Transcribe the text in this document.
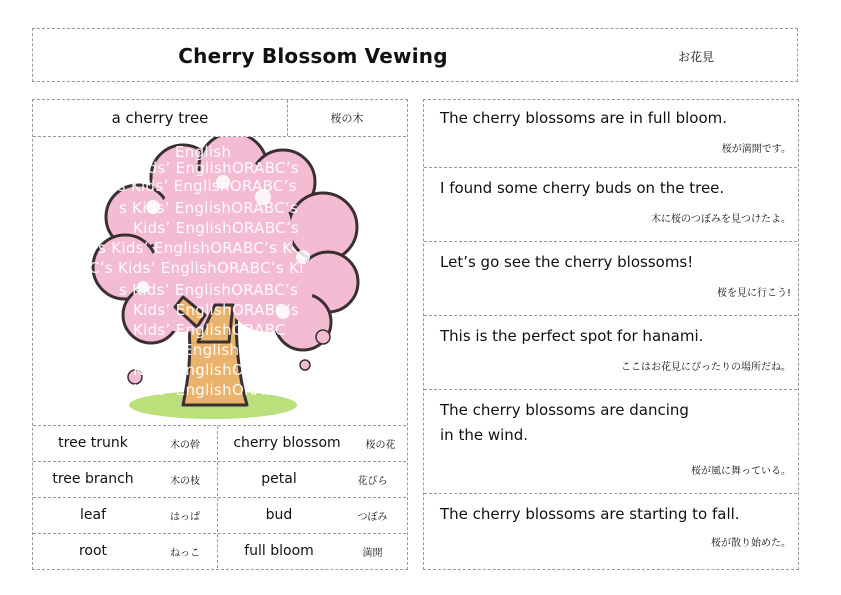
Cherry Blossom Vewing	お花見
a cherry tree	桜の木
English
Kids’ EnglishORABC’s
ABC’s Kids’ EnglishORABC’s
s Kids’ EnglishORABC’s
Kids’ EnglishORABC’s
’s Kids’ EnglishORABC’s K
C’s Kids’ EnglishORABC’s Ki
s Kids’ EnglishORABC’s
Kids’ EnglishORABC’s
Kids’ EnglishORABC
English
Kids’ EnglishORA
Kids’ EnglishORABC
tree trunk	木の幹	cherry blossom	桜の花
tree branch	木の枝	petal	花びら
leaf	はっぱ	bud	つぼみ
root	ねっこ	full bloom	満開
The cherry blossoms are in full bloom.
桜が満開です。
I found some cherry buds on the tree.
木に桜のつぼみを見つけたよ。
Let’s go see the cherry blossoms!
桜を見に行こう!
This is the perfect spot for hanami.
ここはお花見にぴったりの場所だね。
The cherry blossoms are dancing
in the wind.
桜が風に舞っている。
The cherry blossoms are starting to fall.
桜が散り始めた。
